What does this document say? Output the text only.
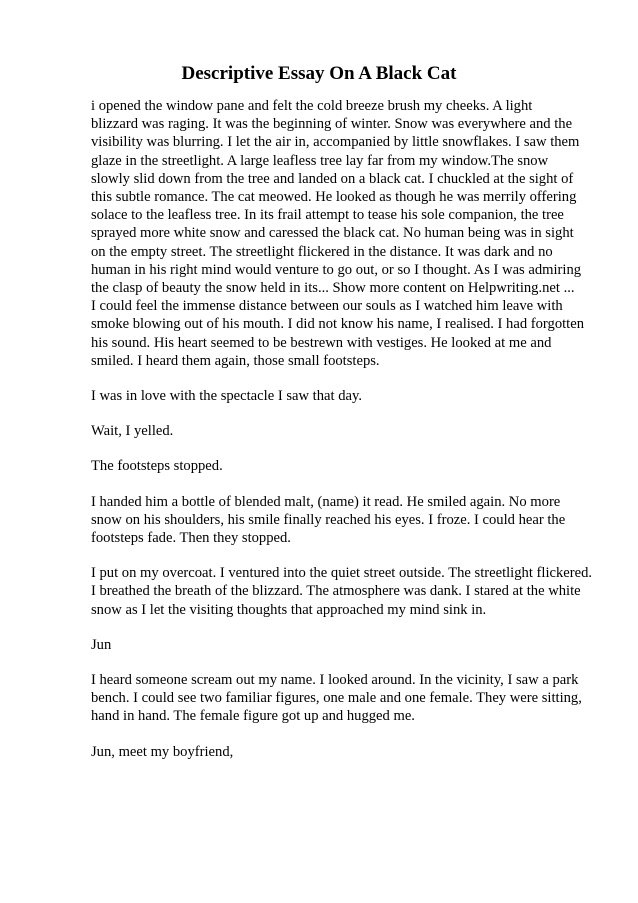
Descriptive Essay On A Black Cat

i opened the window pane and felt the cold breeze brush my cheeks. A light
blizzard was raging. It was the beginning of winter. Snow was everywhere and the
visibility was blurring. I let the air in, accompanied by little snowflakes. I saw them
glaze in the streetlight. A large leafless tree lay far from my window.The snow
slowly slid down from the tree and landed on a black cat. I chuckled at the sight of
this subtle romance. The cat meowed. He looked as though he was merrily offering
solace to the leafless tree. In its frail attempt to tease his sole companion, the tree
sprayed more white snow and caressed the black cat. No human being was in sight
on the empty street. The streetlight flickered in the distance. It was dark and no
human in his right mind would venture to go out, or so I thought. As I was admiring
the clasp of beauty the snow held in its... Show more content on Helpwriting.net ...
I could feel the immense distance between our souls as I watched him leave with
smoke blowing out of his mouth. I did not know his name, I realised. I had forgotten
his sound. His heart seemed to be bestrewn with vestiges. He looked at me and
smiled. I heard them again, those small footsteps.

I was in love with the spectacle I saw that day.

Wait, I yelled.

The footsteps stopped.

I handed him a bottle of blended malt, (name) it read. He smiled again. No more
snow on his shoulders, his smile finally reached his eyes. I froze. I could hear the
footsteps fade. Then they stopped.

I put on my overcoat. I ventured into the quiet street outside. The streetlight flickered.
I breathed the breath of the blizzard. The atmosphere was dank. I stared at the white
snow as I let the visiting thoughts that approached my mind sink in.

Jun

I heard someone scream out my name. I looked around. In the vicinity, I saw a park
bench. I could see two familiar figures, one male and one female. They were sitting,
hand in hand. The female figure got up and hugged me.

Jun, meet my boyfriend,
